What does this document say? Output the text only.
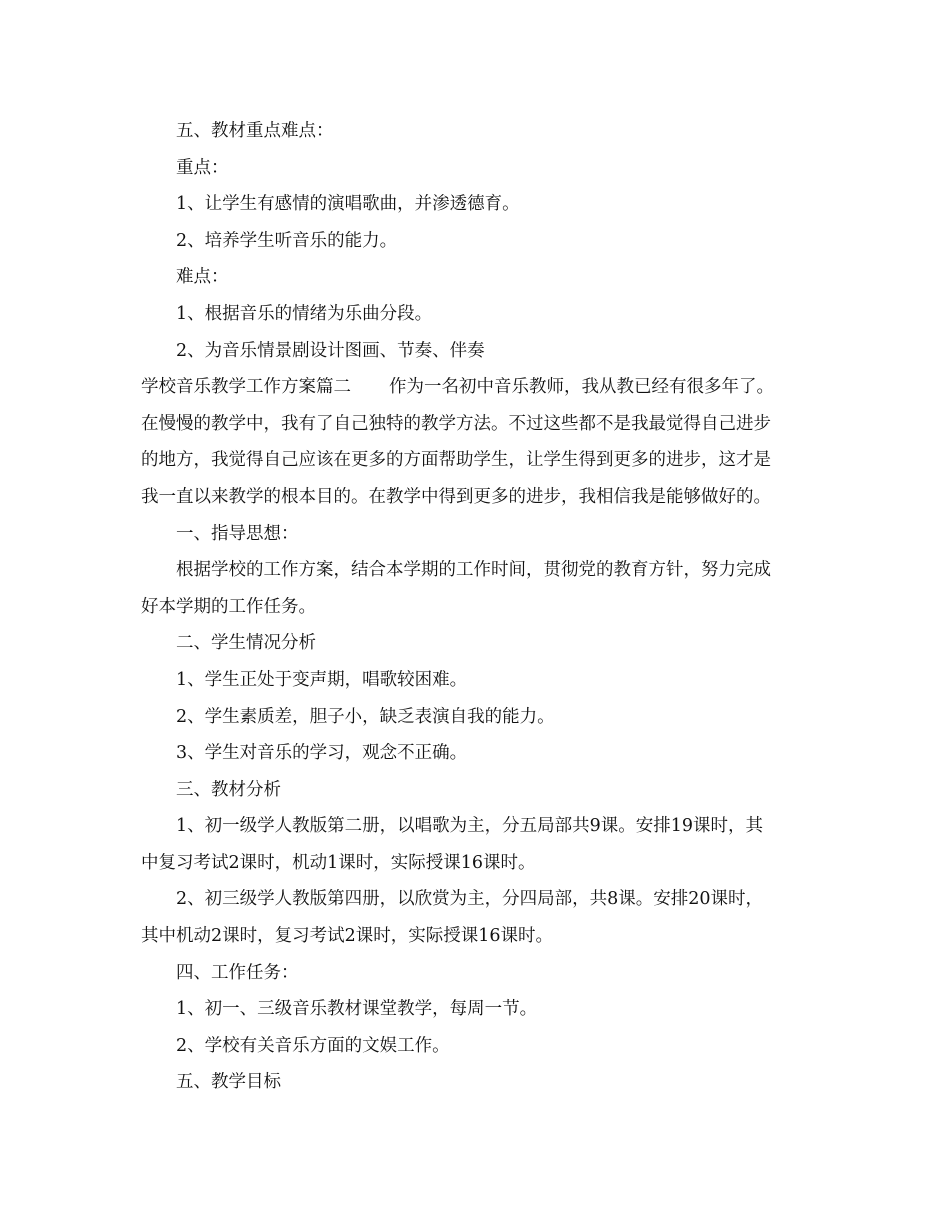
五、教材重点难点：

重点：

1、让学生有感情的演唱歌曲，并渗透德育。

2、培养学生听音乐的能力。

难点：

1、根据音乐的情绪为乐曲分段。

2、为音乐情景剧设计图画、节奏、伴奏

学校音乐教学工作方案篇二 作为一名初中音乐教师，我从教已经有很多年了。

在慢慢的教学中，我有了自己独特的教学方法。不过这些都不是我最觉得自己进步

的地方，我觉得自己应该在更多的方面帮助学生，让学生得到更多的进步，这才是

我一直以来教学的根本目的。在教学中得到更多的进步，我相信我是能够做好的。

一、指导思想：

根据学校的工作方案，结合本学期的工作时间，贯彻党的教育方针，努力完成

好本学期的工作任务。

二、学生情况分析

1、学生正处于变声期，唱歌较困难。

2、学生素质差，胆子小，缺乏表演自我的能力。

3、学生对音乐的学习，观念不正确。

三、教材分析

1、初一级学人教版第二册，以唱歌为主，分五局部共9课。安排19课时，其

中复习考试2课时，机动1课时，实际授课16课时。

2、初三级学人教版第四册，以欣赏为主，分四局部，共8课。安排20课时，

其中机动2课时，复习考试2课时，实际授课16课时。

四、工作任务：

1、初一、三级音乐教材课堂教学，每周一节。

2、学校有关音乐方面的文娱工作。

五、教学目标
